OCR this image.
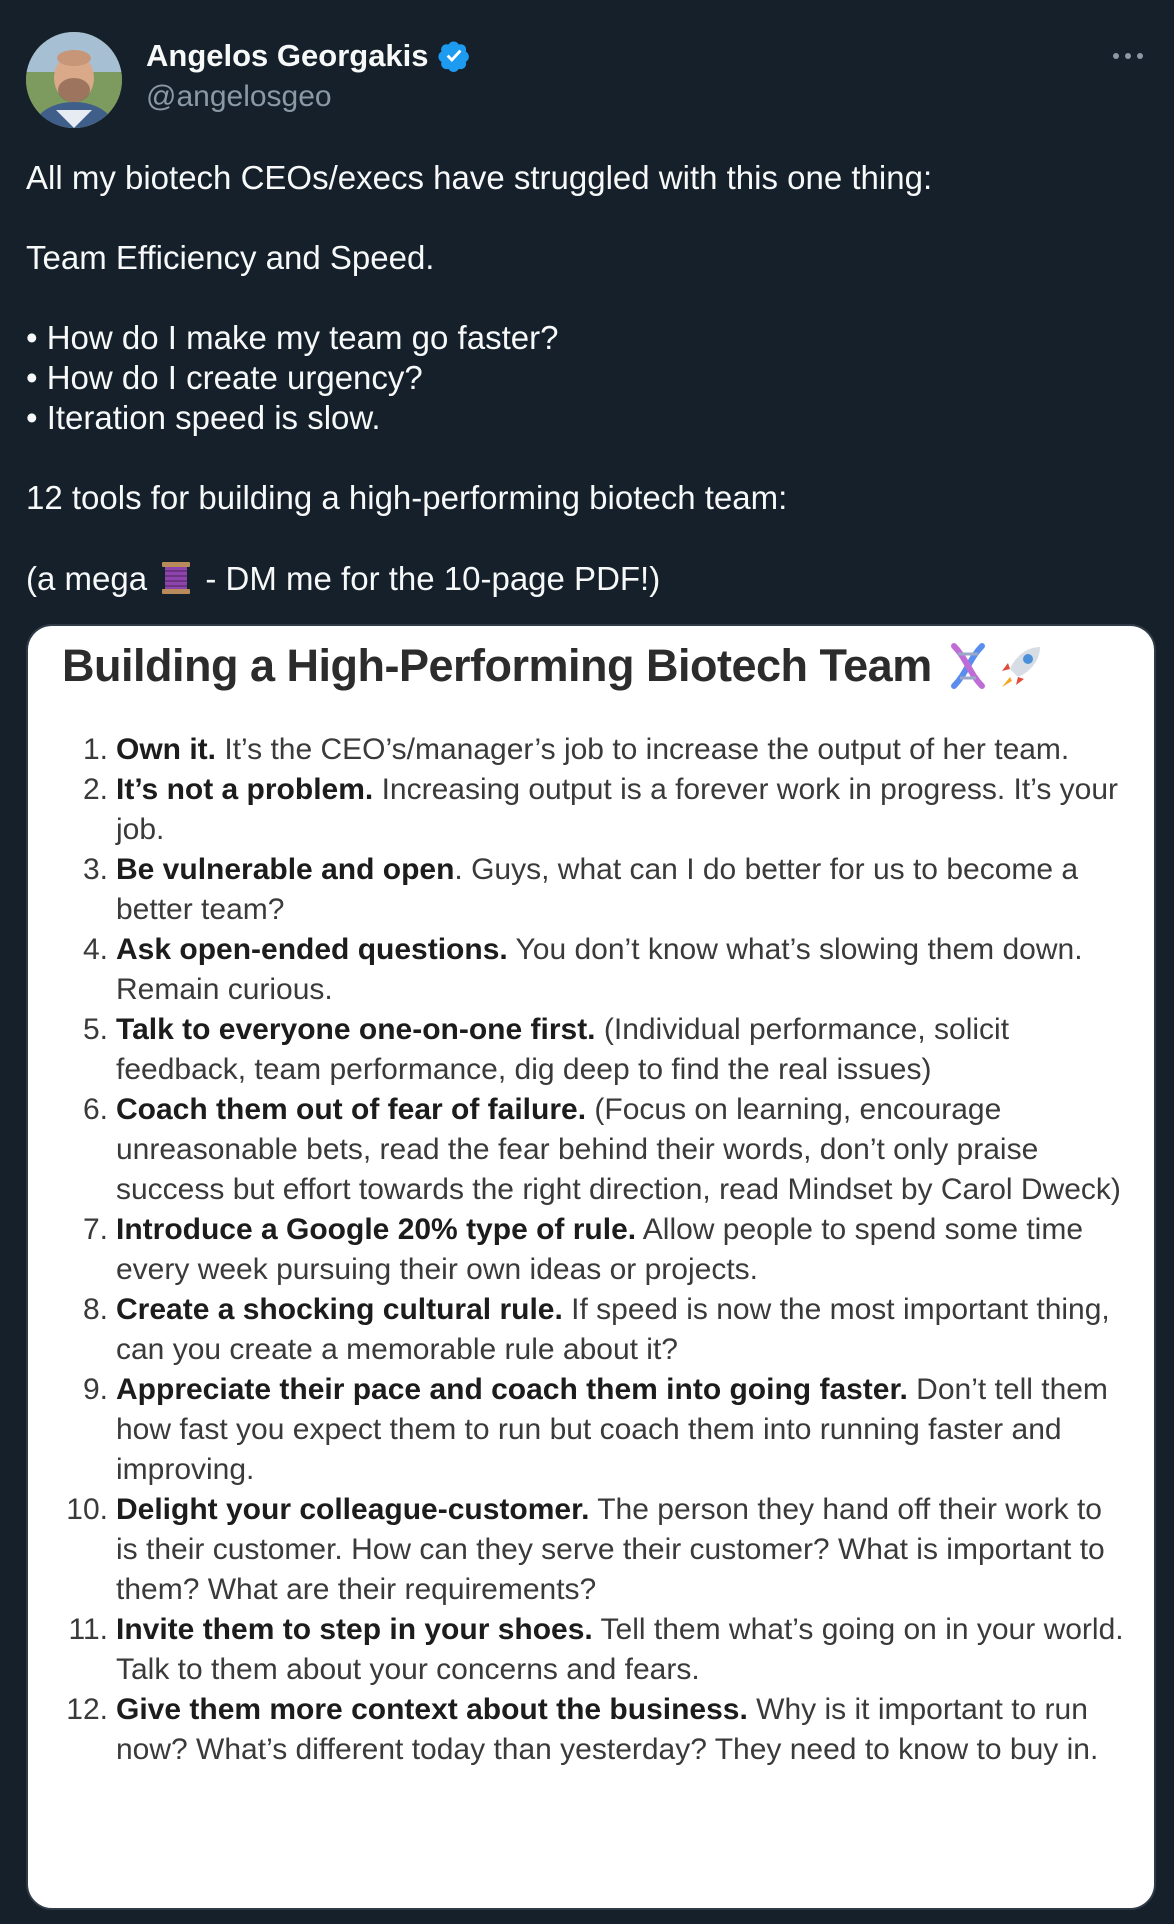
Angelos Georgakis
@angelosgeo

All my biotech CEOs/execs have struggled with this one thing:

Team Efficiency and Speed.

• How do I make my team go faster?

• How do I create urgency?

• Iteration speed is slow.

12 tools for building a high-performing biotech team:

(a mega  - DM me for the 10-page PDF!)

Building a High-Performing Biotech Team
1. Own it. It’s the CEO’s/manager’s job to increase the output of her team.
2. It’s not a problem. Increasing output is a forever work in progress. It’s your job.
3. Be vulnerable and open. Guys, what can I do better for us to become a better team?
4. Ask open-ended questions. You don’t know what’s slowing them down. Remain curious.
5. Talk to everyone one-on-one first. (Individual performance, solicit feedback, team performance, dig deep to find the real issues)
6. Coach them out of fear of failure. (Focus on learning, encourage unreasonable bets, read the fear behind their words, don’t only praise success but effort towards the right direction, read Mindset by Carol Dweck)
7. Introduce a Google 20% type of rule. Allow people to spend some time every week pursuing their own ideas or projects.
8. Create a shocking cultural rule. If speed is now the most important thing, can you create a memorable rule about it?
9. Appreciate their pace and coach them into going faster. Don’t tell them how fast you expect them to run but coach them into running faster and improving.
10. Delight your colleague-customer. The person they hand off their work to is their customer. How can they serve their customer? What is important to them? What are their requirements?
11. Invite them to step in your shoes. Tell them what’s going on in your world. Talk to them about your concerns and fears.
12. Give them more context about the business. Why is it important to run now? What’s different today than yesterday? They need to know to buy in.
